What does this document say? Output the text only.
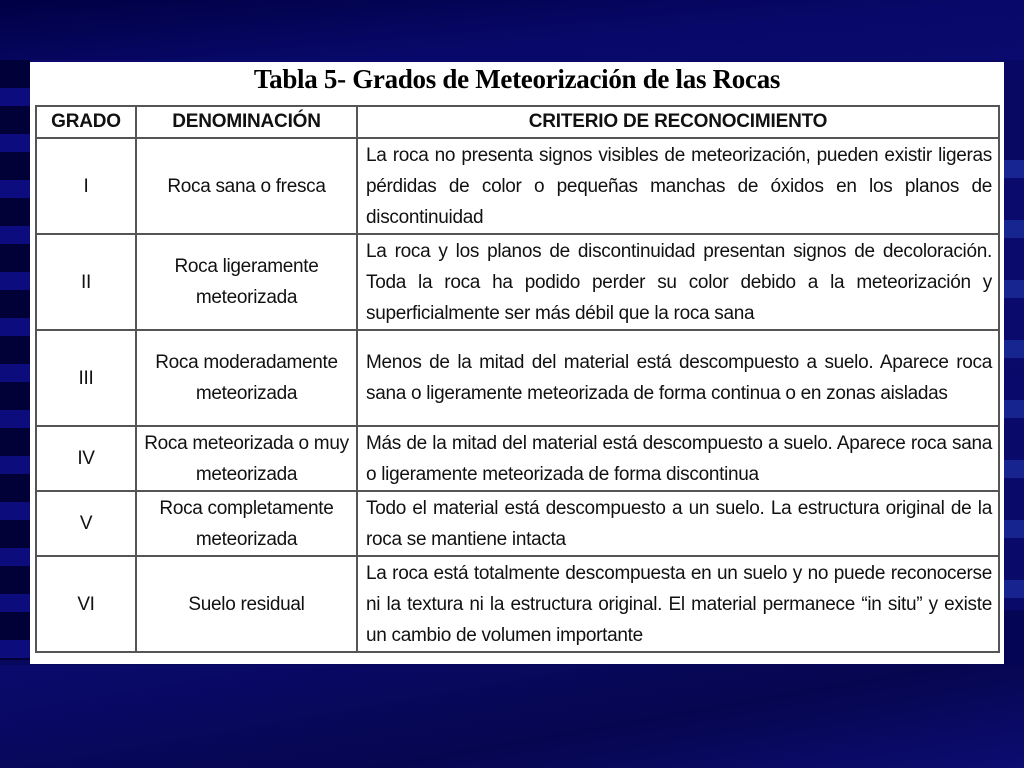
Tabla 5- Grados de Meteorización de las Rocas
GRADO	DENOMINACIÓN	CRITERIO DE RECONOCIMIENTO
I	Roca sana o fresca	La roca no presenta signos visibles de meteorización, pueden existir ligeras pérdidas de color o pequeñas manchas de óxidos en los planos de discontinuidad
II	Roca ligeramente meteorizada	La roca y los planos de discontinuidad presentan signos de decoloración. Toda la roca ha podido perder su color debido a la meteorización y superficialmente ser más débil que la roca sana
III	Roca moderadamente meteorizada	Menos de la mitad del material está descompuesto a suelo. Aparece roca sana o ligeramente meteorizada de forma continua o en zonas aisladas
IV	Roca meteorizada o muy meteorizada	Más de la mitad del material está descompuesto a suelo. Aparece roca sana o ligeramente meteorizada de forma discontinua
V	Roca completamente meteorizada	Todo el material está descompuesto a un suelo. La estructura original de la roca se mantiene intacta
VI	Suelo residual	La roca está totalmente descompuesta en un suelo y no puede reconocerse ni la textura ni la estructura original. El material permanece “in situ” y existe un cambio de volumen importante
